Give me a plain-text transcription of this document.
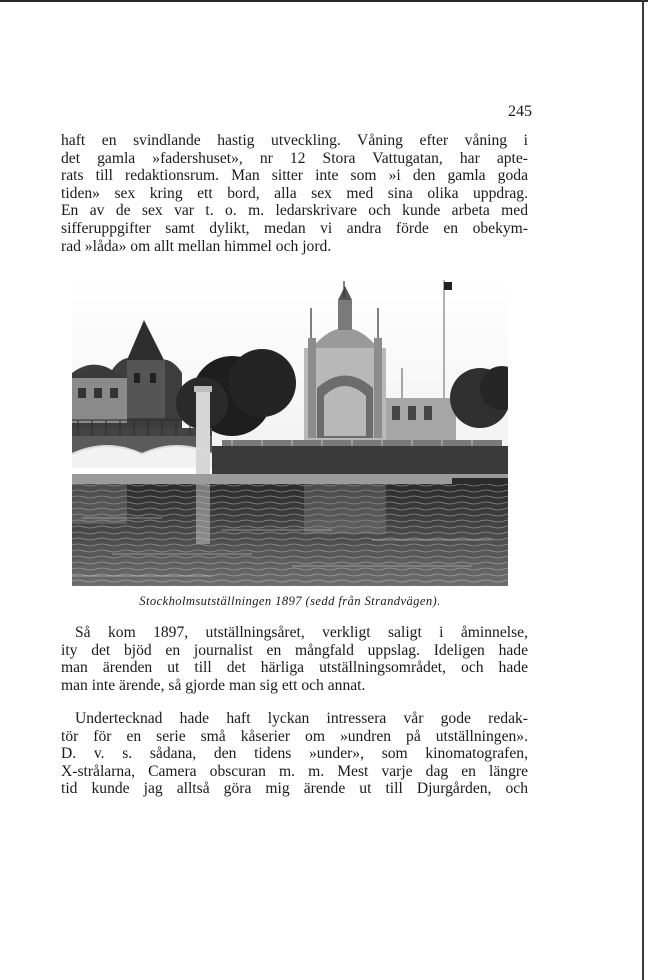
245
haft en svindlande hastig utveckling. Våning efter våning i
det gamla »fadershuset», nr 12 Stora Vattugatan, har apte-
rats till redaktionsrum. Man sitter inte som »i den gamla goda
tiden» sex kring ett bord, alla sex med sina olika uppdrag.
En av de sex var t. o. m. ledarskrivare och kunde arbeta med
sifferuppgifter samt dylikt, medan vi andra förde en obekym-
rad »låda» om allt mellan himmel och jord.
Stockholmsutställningen 1897 (sedd från Strandvägen).
Så kom 1897, utställningsåret, verkligt saligt i åminnelse,
ity det bjöd en journalist en mångfald uppslag. Ideligen hade
man ärenden ut till det härliga utställningsområdet, och hade
man inte ärende, så gjorde man sig ett och annat.
Undertecknad hade haft lyckan intressera vår gode redak-
tör för en serie små kåserier om »undren på utställningen».
D. v. s. sådana, den tidens »under», som kinomatografen,
X-strålarna, Camera obscuran m. m. Mest varje dag en längre
tid kunde jag alltså göra mig ärende ut till Djurgården, och
